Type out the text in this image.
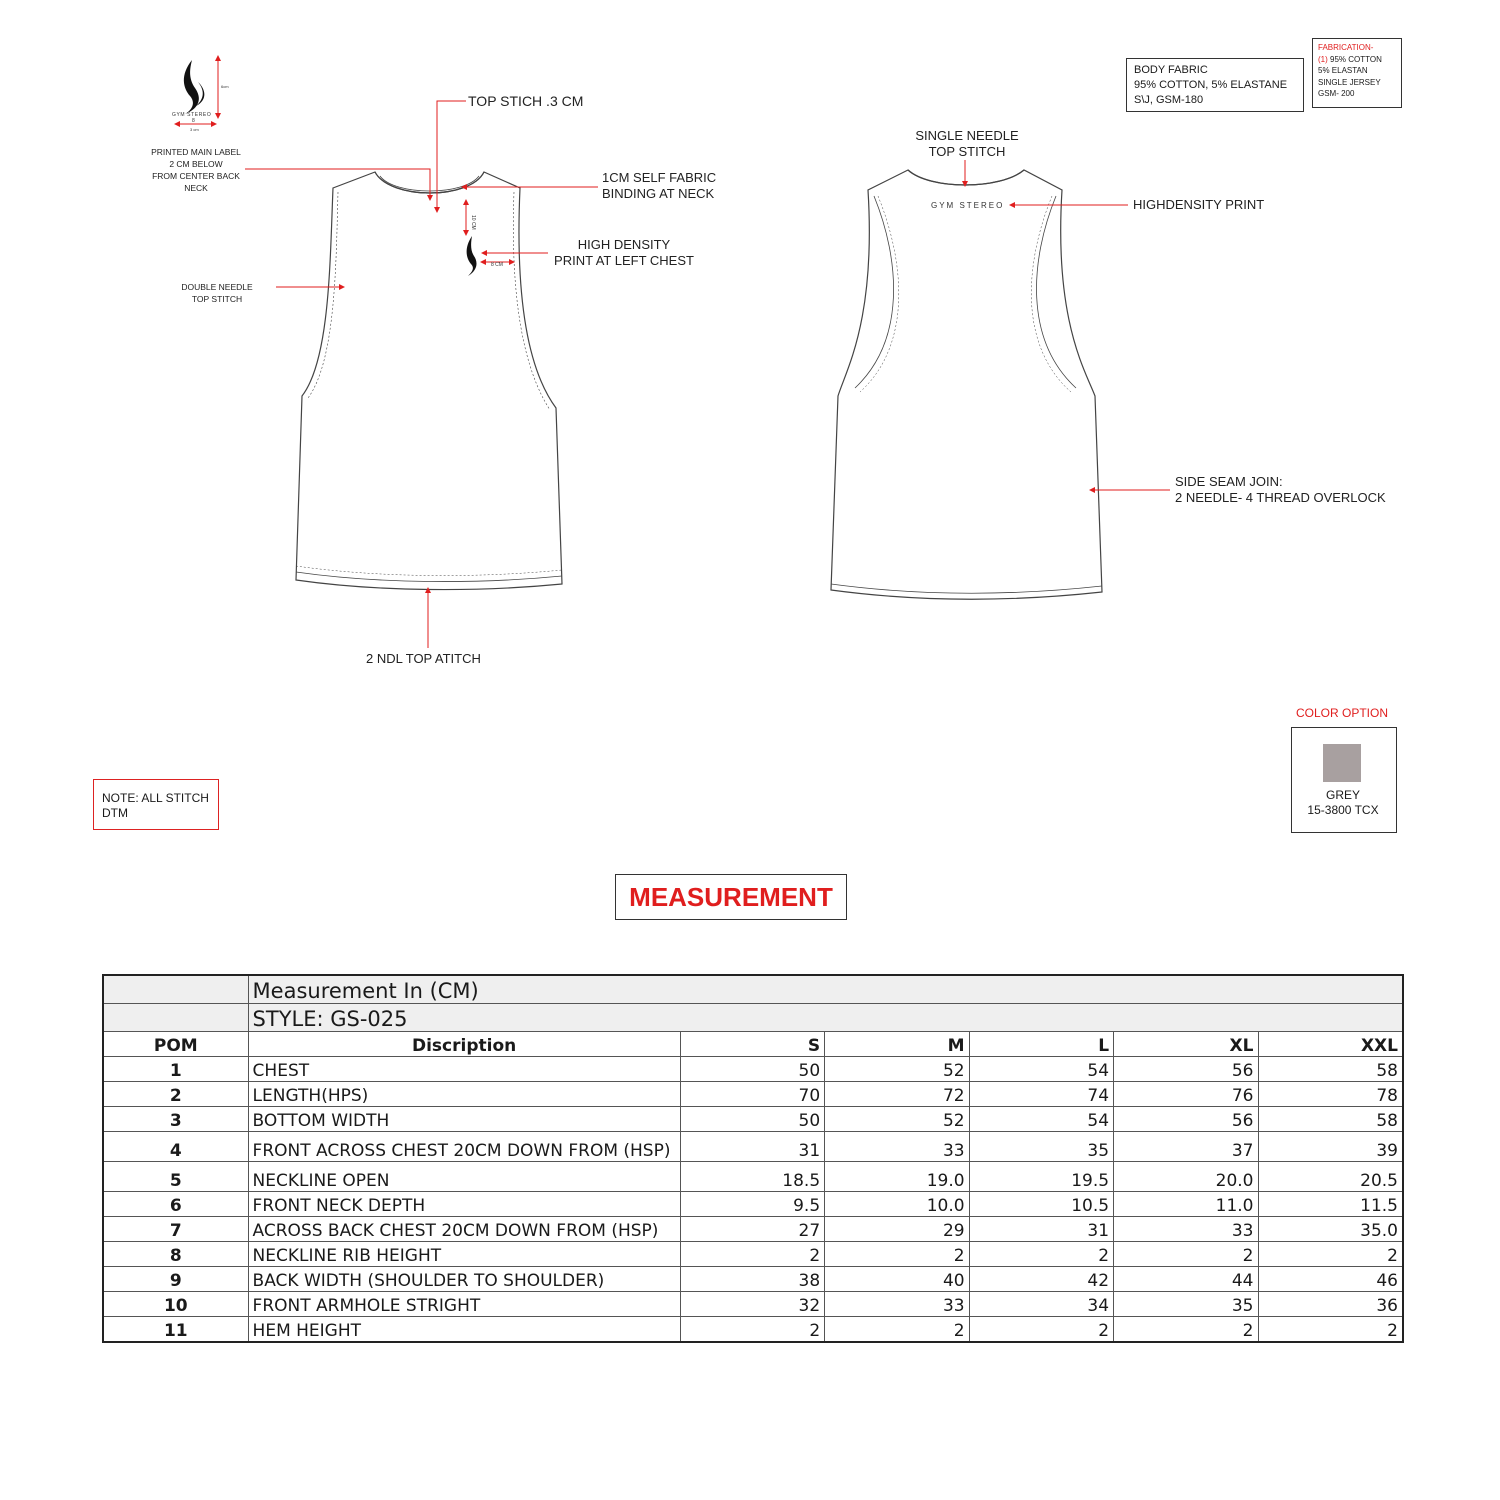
GYM STEREO
10 CM
8 CM
GYM STEREO
8
3 cm
6cm
TOP STICH .3 CM
PRINTED MAIN LABEL
2 CM BELOW
FROM CENTER BACK
NECK
1CM SELF FABRIC
BINDING AT NECK
HIGH DENSITY
PRINT AT LEFT CHEST
DOUBLE NEEDLE
TOP STITCH
2 NDL TOP ATITCH
SINGLE NEEDLE
TOP STITCH
HIGHDENSITY PRINT
SIDE SEAM JOIN:
2 NEEDLE- 4 THREAD OVERLOCK
BODY FABRIC
95% COTTON, 5% ELASTANE
S\J, GSM-180
FABRICATION-
(1) 95% COTTON
5% ELASTAN
SINGLE JERSEY
GSM- 200
COLOR OPTION
GREY
15-3800 TCX
NOTE: ALL STITCH
DTM
MEASUREMENT
	Measurement In (CM)					
	STYLE: GS-025					
POM	Discription	S	M	L	XL	XXL
1	CHEST	50	52	54	56	58
2	LENGTH(HPS)	70	72	74	76	78
3	BOTTOM WIDTH	50	52	54	56	58
4	FRONT ACROSS CHEST 20CM DOWN FROM (HSP)	31	33	35	37	39
5	NECKLINE OPEN	18.5	19.0	19.5	20.0	20.5
6	FRONT NECK DEPTH	9.5	10.0	10.5	11.0	11.5
7	ACROSS BACK CHEST 20CM DOWN FROM (HSP)	27	29	31	33	35.0
8	NECKLINE RIB HEIGHT	2	2	2	2	2
9	BACK WIDTH (SHOULDER TO SHOULDER)	38	40	42	44	46
10	FRONT ARMHOLE STRIGHT	32	33	34	35	36
11	HEM HEIGHT	2	2	2	2	2
